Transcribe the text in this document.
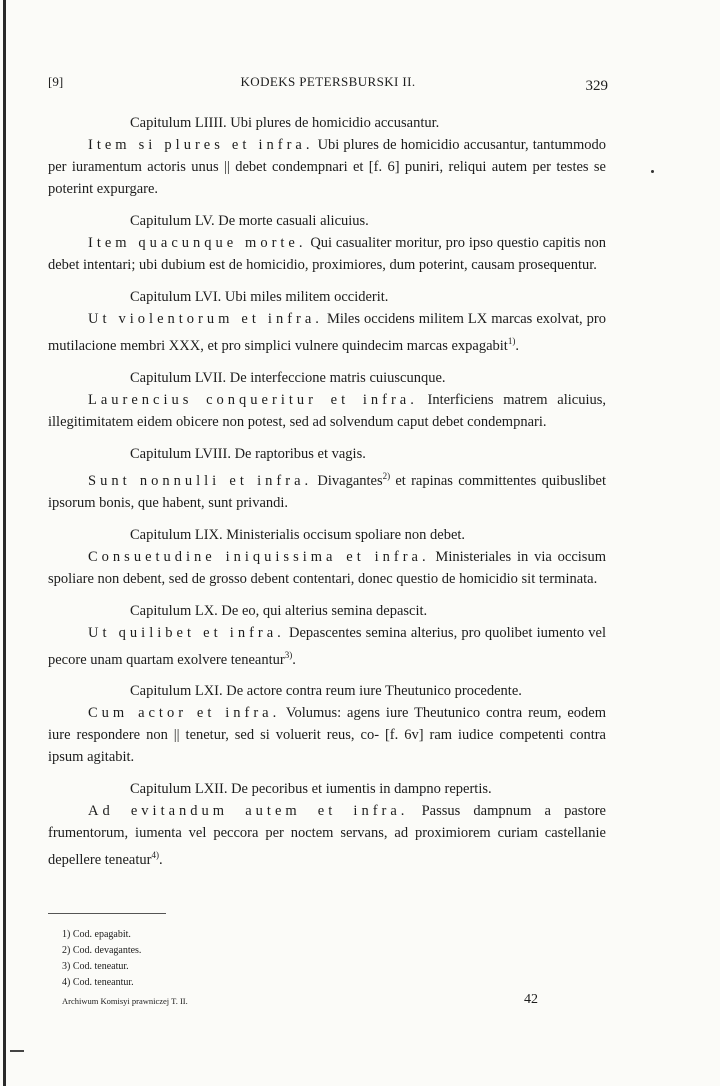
[9]	KODEKS PETERSBURSKI II.	329

Capitulum LIIII. Ubi plures de homicidio accusantur.

Item si plures et infra. Ubi plures de homicidio accusantur, tantummodo per iuramentum actoris unus || debet condempnari et [f. 6] puniri, reliqui autem per testes se poterint expurgare.

Capitulum LV. De morte casuali alicuius.

Item quacunque morte. Qui casualiter moritur, pro ipso questio capitis non debet intentari; ubi dubium est de homicidio, proximiores, dum poterint, causam prosequentur.

Capitulum LVI. Ubi miles militem occiderit.

Ut violentorum et infra. Miles occidens militem LX marcas exolvat, pro mutilacione membri XXX, et pro simplici vulnere quindecim marcas expagabit$^{1)}$.

Capitulum LVII. De interfeccione matris cuiuscunque.

Laurencius conqueritur et infra. Interficiens matrem alicuius, illegitimitatem eidem obicere non potest, sed ad solvendum caput debet condempnari.

Capitulum LVIII. De raptoribus et vagis.

Sunt nonnulli et infra. Divagantes$^{2)}$ et rapinas committentes quibuslibet ipsorum bonis, que habent, sunt privandi.

Capitulum LIX. Ministerialis occisum spoliare non debet.

Consuetudine iniquissima et infra. Ministeriales in via occisum spoliare non debent, sed de grosso debent contentari, donec questio de homicidio sit terminata.

Capitulum LX. De eo, qui alterius semina depascit.

Ut quilibet et infra. Depascentes semina alterius, pro quolibet iumento vel pecore unam quartam exolvere teneantur$^{3)}$.

Capitulum LXI. De actore contra reum iure Theutunico procedente.

Cum actor et infra. Volumus: agens iure Theutunico contra reum, eodem iure respondere non || tenetur, sed si voluerit reus, co- [f. 6v] ram iudice competenti contra ipsum agitabit.

Capitulum LXII. De pecoribus et iumentis in dampno repertis.

Ad evitandum autem et infra. Passus dampnum a pastore frumentorum, iumenta vel peccora per noctem servans, ad proximiorem curiam castellanie depellere teneatur$^{4)}$.

1) Cod. epagabit.

2) Cod. devagantes.

3) Cod. teneatur.

4) Cod. teneantur.

Archiwum Komisyi prawniczej T. II.	42
